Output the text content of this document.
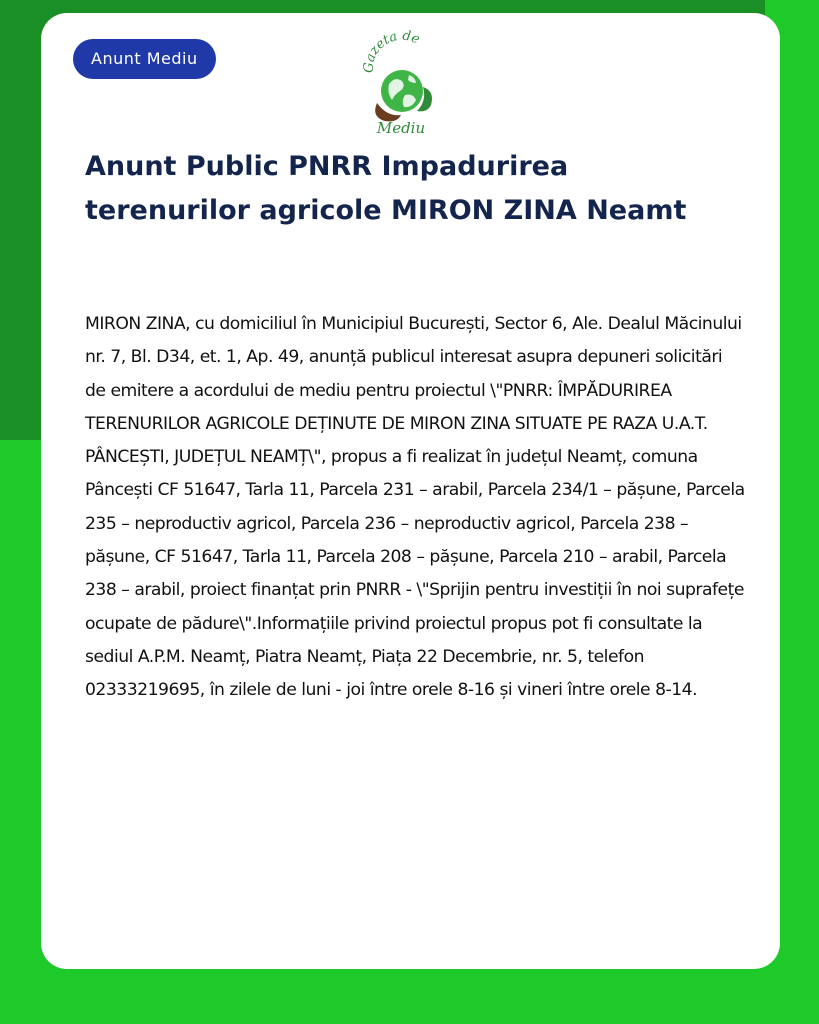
Anunt Mediu	Gazeta de
Mediu
Anunt Public PNRR Impadurirea terenurilor agricole MIRON ZINA Neamt

MIRON ZINA, cu domiciliul în Municipiul București, Sector 6, Ale. Dealul Măcinului nr. 7, Bl. D34, et. 1, Ap. 49, anunță publicul interesat asupra depuneri solicitări de emitere a acordului de mediu pentru proiectul \"PNRR: ÎMPĂDURIREA TERENURILOR AGRICOLE DEȚINUTE DE MIRON ZINA SITUATE PE RAZA U.A.T. PÂNCEȘTI, JUDEȚUL NEAMȚ\", propus a fi realizat în județul Neamț, comuna Pâncești CF 51647, Tarla 11, Parcela 231 – arabil, Parcela 234/1 – pășune, Parcela 235 – neproductiv agricol, Parcela 236 – neproductiv agricol, Parcela 238 – pășune, CF 51647, Tarla 11, Parcela 208 – pășune, Parcela 210 – arabil, Parcela 238 – arabil, proiect finanțat prin PNRR - \"Sprijin pentru investiții în noi suprafețe ocupate de pădure\".Informațiile privind proiectul propus pot fi consultate la sediul A.P.M. Neamț, Piatra Neamț, Piața 22 Decembrie, nr. 5, telefon 02333219695, în zilele de luni - joi între orele 8-16 și vineri între orele 8-14.
